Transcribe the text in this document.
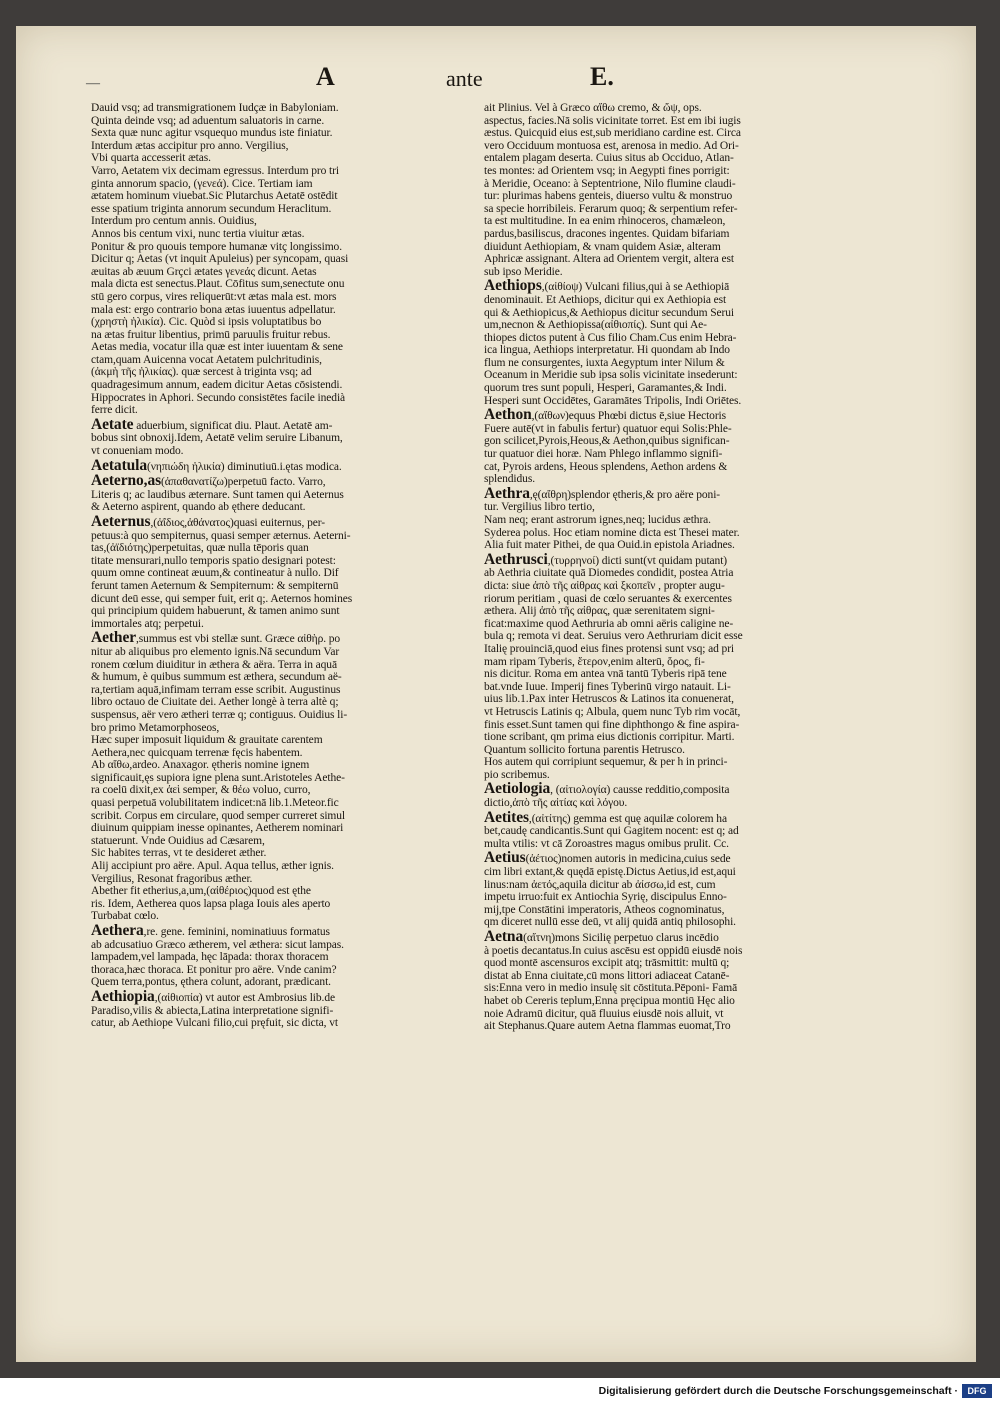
A	ante	E.
—

Dauid vsq; ad transmigrationem Iudçæ in Babyloniam.

Quinta deinde vsq; ad aduentum saluatoris in carne.

Sexta quæ nunc agitur vsquequo mundus iste finiatur.

Interdum ætas accipitur pro anno. Vergilius,

Vbi quarta accesserit ætas.

Varro, Aetatem vix decimam egressus. Interdum pro tri

ginta annorum spacio, (γενεά). Cice. Tertiam iam

ætatem hominum viuebat.Sic Plutarchus Aetatē ostēdit

esse spatium triginta annorum secundum Heraclitum.

Interdum pro centum annis. Ouidius,

Annos bis centum vixi, nunc tertia viuitur ætas.

Ponitur & pro quouis tempore humanæ vitç longissimo.

Dicitur q; Aetas (vt inquit Apuleius) per syncopam, quasi

æuitas ab æuum Grçci ætates γενεάς dicunt. Aetas

mala dicta est senectus.Plaut. Cōfitus sum,senectute onu

stū gero corpus, vires reliquerūt:vt ætas mala est. mors

mala est: ergo contrario bona ætas iuuentus adpellatur.

(χρηστὴ ἡλικία). Cic. Quòd si ipsis voluptatibus bo

na ætas fruitur libentius, primū paruulis fruitur rebus.

Aetas media, vocatur illa quæ est inter iuuentam & sene

ctam,quam Auicenna vocat Aetatem pulchritudinis,

(ἀκμὴ τῆς ἡλικίας). quæ sercest à triginta vsq; ad

quadragesimum annum, eadem dicitur Aetas cōsistendi.

Hippocrates in Aphori. Secundo consistētes facile inedià

ferre dicit.

Aetate aduerbium, significat diu. Plaut. Aetatē am-

bobus sint obnoxij.Idem, Aetatē velim seruire Libanum,

vt conueniam modo.

Aetatula(νηπιώδη ἡλικία) diminutiuū.i.ętas modica.

Aeterno,as(ἀπαθανατίζω)perpetuū facto. Varro,

Literis q; ac laudibus æternare. Sunt tamen qui Aeternus

& Aeterno aspirent, quando ab ęthere deducant.

Aeternus,(ἀΐδιος,ἀθάνατος)quasi euiternus, per-

petuus:à quo sempiternus, quasi semper æternus. Aeterni-

tas,(ἀϊδιότης)perpetuitas, quæ nulla tēporis quan

titate mensurari,nullo temporis spatio designari potest:

quum omne contineat æuum,& contineatur à nullo. Dif

ferunt tamen Aeternum & Sempiternum: & sempiternū

dicunt deū esse, qui semper fuit, erit q;. Aeternos homines

qui principium quidem habuerunt, & tamen animo sunt

immortales atq; perpetui.

Aether,summus est vbi stellæ sunt. Græce αἰθὴρ. po

nitur ab aliquibus pro elemento ignis.Nā secundum Var

ronem cœlum diuiditur in æthera & aëra. Terra in aquā

& humum, è quibus summum est æthera, secundum aë-

ra,tertiam aquā,infimam terram esse scribit. Augustinus

libro octauo de Ciuitate dei. Aether longè à terra altè q;

suspensus, aër vero ætheri terræ q; contiguus. Ouidius li-

bro primo Metamorphoseos,

Hæc super imposuit liquidum & grauitate carentem

Aethera,nec quicquam terrenæ fęcis habentem.

Ab αἴθω,ardeo. Anaxagor. ętheris nomine ignem

significauit,ęs supiora igne plena sunt.Aristoteles Aethe-

ra coelū dixit,ex ἀεὶ semper, & θέω voluo, curro,

quasi perpetuā volubilitatem indicet:nā lib.1.Meteor.fic

scribit. Corpus em circulare, quod semper curreret simul

diuinum quippiam inesse opinantes, Aetherem nominari

statuerunt. Vnde Ouidius ad Cæsarem,

Sic habites terras, vt te desideret æther.

Alij accipiunt pro aëre. Apul. Aqua tellus, æther ignis.

Vergilius, Resonat fragoribus æther.

Abether fit etherius,a,um,(αἰθέριος)quod est ęthe

ris. Idem, Aetherea quos lapsa plaga Iouis ales aperto

Turbabat cœlo.

Aethera,re. gene. feminini, nominatiuus formatus

ab adcusatiuo Græco ætherem, vel æthera: sicut lampas.

lampadem,vel lampada, hęc lāpada: thorax thoracem

thoraca,hæc thoraca. Et ponitur pro aëre. Vnde canim?

Quem terra,pontus, ęthera colunt, adorant, prædicant.

Aethiopia,(αἰθιοπία) vt autor est Ambrosius lib.de

Paradiso,vilis & abiecta,Latina interpretatione signifi-

catur, ab Aethiope Vulcani filio,cui pręfuit, sic dicta, vt

ait Plinius. Vel à Græco αἴθω cremo, & ὤψ, ops.

aspectus, facies.Nā solis vicinitate torret. Est em ibi iugis

æstus. Quicquid eius est,sub meridiano cardine est. Circa

vero Occiduum montuosa est, arenosa in medio. Ad Ori-

entalem plagam deserta. Cuius situs ab Occiduo, Atlan-

tes montes: ad Orientem vsq; in Aegypti fines porrigit:

à Meridie, Oceano: à Septentrione, Nilo flumine claudi-

tur: plurimas habens genteis, diuerso vultu & monstruo

sa specie horribileis. Ferarum quoq; & serpentium refer-

ta est multitudine. In ea enim rhinoceros, chamæleon,

pardus,basiliscus, dracones ingentes. Quidam bifariam

diuidunt Aethiopiam, & vnam quidem Asiæ, alteram

Aphricæ assignant. Altera ad Orientem vergit, altera est

sub ipso Meridie.

Aethiops,(αἰθίοψ) Vulcani filius,qui à se Aethiopiā

denominauit. Et Aethiops, dicitur qui ex Aethiopia est

qui & Aethiopicus,& Aethiopus dicitur secundum Serui

um,necnon & Aethiopissa(αἰθιοπίς). Sunt qui Ae-

thiopes dictos putent à Cus filio Cham.Cus enim Hebra-

ica lingua, Aethiops interpretatur. Hi quondam ab Indo

flum ne consurgentes, iuxta Aegyptum inter Nilum &

Oceanum in Meridie sub ipsa solis vicinitate insederunt:

quorum tres sunt populi, Hesperi, Garamantes,& Indi.

Hesperi sunt Occidētes, Garamātes Tripolis, Indi Oriētes.

Aethon,(αἴθων)equus Phœbi dictus ē,siue Hectoris

Fuere autē(vt in fabulis fertur) quatuor equi Solis:Phle-

gon scilicet,Pyrois,Heous,& Aethon,quibus significan-

tur quatuor diei horæ. Nam Phlego inflammo signifi-

cat, Pyrois ardens, Heous splendens, Aethon ardens &

splendidus.

Aethra,ę(αἴθρη)splendor ętheris,& pro aëre poni-

tur. Vergilius libro tertio,

Nam neq; erant astrorum ignes,neq; lucidus æthra.

Syderea polus. Hoc etiam nomine dicta est Thesei mater.

Alia fuit mater Pithei, de qua Ouid.in epistola Ariadnes.

Aethrusci,(τυρρηνοί) dicti sunt(vt quidam putant)

ab Aethria ciuitate quā Diomedes condidit, postea Atria

dicta: siue ἀπὸ τῆς αἰθρας καὶ ξκοπεῖν , propter augu-

riorum peritiam , quasi de cœlo seruantes & exercentes

æthera. Alij ἀπὸ τῆς αἰθρας, quæ serenitatem signi-

ficat:maxime quod Aethruria ab omni aëris caligine ne-

bula q; remota vi deat. Seruius vero Aethruriam dicit esse

Italię prouinciā,quod eius fines protensi sunt vsq; ad pri

mam ripam Tyberis, ἕτερον,enim alterū, ὄρος, fi-

nis dicitur. Roma em antea vnā tantū Tyberis ripā tene

bat.vnde Iuue. Imperij fines Tyberinū virgo natauit. Li-

uius lib.1.Pax inter Hetruscos & Latinos ita conuenerat,

vt Hetruscis Latinis q; Albula, quem nunc Tyb rim vocāt,

finis esset.Sunt tamen qui fine diphthongo & fine aspira-

tione scribant, qm prima eius dictionis corripitur. Marti.

Quantum sollicito fortuna parentis Hetrusco.

Hos autem qui corripiunt sequemur, & per h in princi-

pio scribemus.

Aetiologia, (αἰτιολογία) causse redditio,composita

dictio,ἀπὸ τῆς αἰτίας καὶ λόγου.

Aetites,(αἰτίτης) gemma est quę aquilæ colorem ha

bet,caudę candicantis.Sunt qui Gagitem nocent: est q; ad

multa vtilis: vt cā Zoroastres magus omibus prulit. Cc.

Aetius(ἀέτιος)nomen autoris in medicina,cuius sede

cim libri extant,& quędā epistę.Dictus Aetius,id est,aqui

linus:nam ἀετός,aquila dicitur ab ἀίσσω,id est, cum

impetu irruo:fuit ex Antiochia Syrię, discipulus Enno-

mij,tpe Constātini imperatoris, Atheos cognominatus,

qm diceret nullū esse deū, vt alij quidā antiq philosophi.

Aetna(αἴτνη)mons Sicilię perpetuo clarus incēdio

à poetis decantatus.In cuius ascēsu est oppidū eiusdē nois

quod montē ascensuros excipit atq; trāsmittit: multū q;

distat ab Enna ciuitate,cū mons littori adiaceat Catanē-

sis:Enna vero in medio insulę sit cōstituta.Pēponi- Famā

habet ob Cereris teplum,Enna pręcipua montiū Hęc alio

noie Adramū dicitur, quā fluuius eiusdē nois alluit, vt

ait Stephanus.Quare autem Aetna flammas euomat,Tro

Digitalisierung gefördert durch die Deutsche Forschungsgemeinschaft ·	DFG
